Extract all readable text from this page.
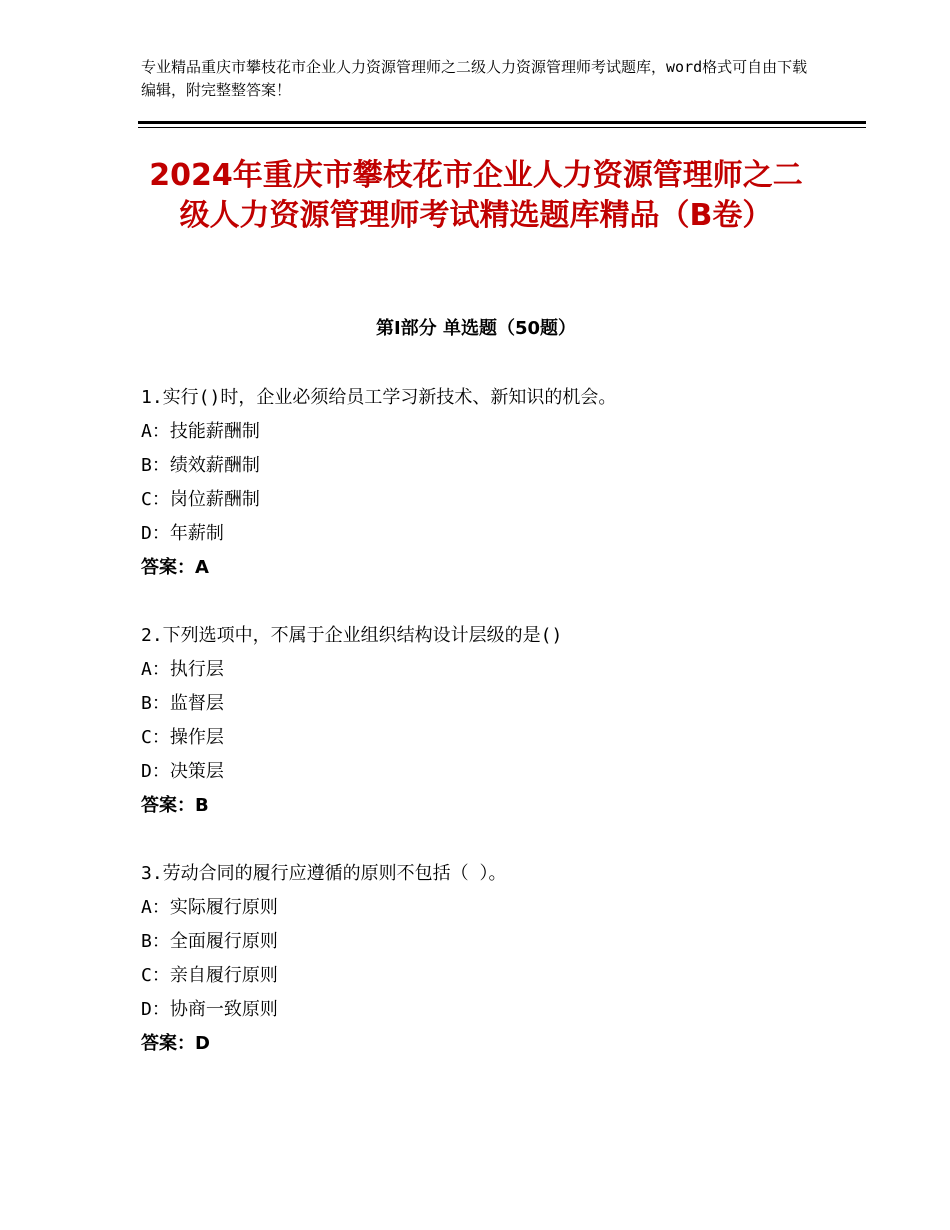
专业精品重庆市攀枝花市企业人力资源管理师之二级人力资源管理师考试题库，word格式可自由下载编辑，附完整整答案！
2024年重庆市攀枝花市企业人力资源管理师之二级人力资源管理师考试精选题库精品（B卷）
第Ⅰ部分 单选题（50题）
1.实行()时，企业必须给员工学习新技术、新知识的机会。
A：技能薪酬制
B：绩效薪酬制
C：岗位薪酬制
D：年薪制
答案：A
2.下列选项中，不属于企业组织结构设计层级的是()
A：执行层
B：监督层
C：操作层
D：决策层
答案：B
3.劳动合同的履行应遵循的原则不包括（ ）。
A：实际履行原则
B：全面履行原则
C：亲自履行原则
D：协商一致原则
答案：D
